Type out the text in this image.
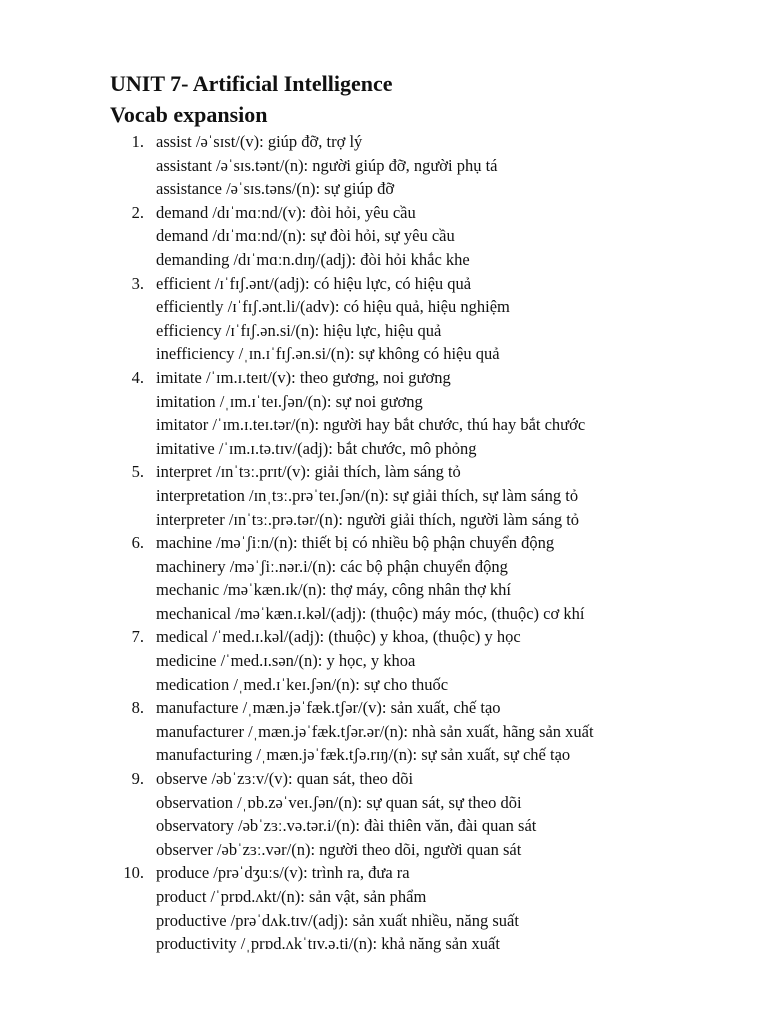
UNIT 7- Artificial Intelligence
Vocab expansion
1. assist /əˈsɪst/(v): giúp đỡ, trợ lý
assistant /əˈsɪs.tənt/(n): người giúp đỡ, người phụ tá
assistance /əˈsɪs.təns/(n): sự giúp đỡ
2. demand /dɪˈmɑːnd/(v): đòi hỏi, yêu cầu
demand /dɪˈmɑːnd/(n): sự đòi hỏi, sự yêu cầu
demanding /dɪˈmɑːn.dɪŋ/(adj): đòi hỏi khắc khe
3. efficient /ɪˈfɪʃ.ənt/(adj): có hiệu lực, có hiệu quả
efficiently /ɪˈfɪʃ.ənt.li/(adv): có hiệu quả, hiệu nghiệm
efficiency /ɪˈfɪʃ.ən.si/(n): hiệu lực, hiệu quả
inefficiency /ˌɪn.ɪˈfɪʃ.ən.si/(n): sự không có hiệu quả
4. imitate /ˈɪm.ɪ.teɪt/(v): theo gương, noi gương
imitation /ˌɪm.ɪˈteɪ.ʃən/(n): sự noi gương
imitator /ˈɪm.ɪ.teɪ.tər/(n): người hay bắt chước, thú hay bắt chước
imitative /ˈɪm.ɪ.tə.tɪv/(adj): bắt chước, mô phỏng
5. interpret /ɪnˈtɜː.prɪt/(v): giải thích, làm sáng tỏ
interpretation /ɪnˌtɜː.prəˈteɪ.ʃən/(n): sự giải thích, sự làm sáng tỏ
interpreter /ɪnˈtɜː.prə.tər/(n): người giải thích, người làm sáng tỏ
6. machine /məˈʃiːn/(n): thiết bị có nhiều bộ phận chuyển động
machinery /məˈʃiː.nər.i/(n): các bộ phận chuyển động
mechanic /məˈkæn.ɪk/(n): thợ máy, công nhân thợ khí
mechanical /məˈkæn.ɪ.kəl/(adj): (thuộc) máy móc, (thuộc) cơ khí
7. medical /ˈmed.ɪ.kəl/(adj): (thuộc) y khoa, (thuộc) y học
medicine /ˈmed.ɪ.sən/(n): y học, y khoa
medication /ˌmed.ɪˈkeɪ.ʃən/(n): sự cho thuốc
8. manufacture /ˌmæn.jəˈfæk.tʃər/(v): sản xuất, chế tạo
manufacturer /ˌmæn.jəˈfæk.tʃər.ər/(n): nhà sản xuất, hãng sản xuất
manufacturing /ˌmæn.jəˈfæk.tʃə.rɪŋ/(n): sự sản xuất, sự chế tạo
9. observe /əbˈzɜːv/(v): quan sát, theo dõi
observation /ˌɒb.zəˈveɪ.ʃən/(n): sự quan sát, sự theo dõi
observatory /əbˈzɜː.və.tər.i/(n): đài thiên văn, đài quan sát
observer /əbˈzɜː.vər/(n): người theo dõi, người quan sát
10. produce /prəˈdʒuːs/(v): trình ra, đưa ra
product /ˈprɒd.ʌkt/(n): sản vật, sản phẩm
productive /prəˈdʌk.tɪv/(adj): sản xuất nhiều, năng suất
productivity /ˌprɒd.ʌkˈtɪv.ə.ti/(n): khả năng sản xuất
